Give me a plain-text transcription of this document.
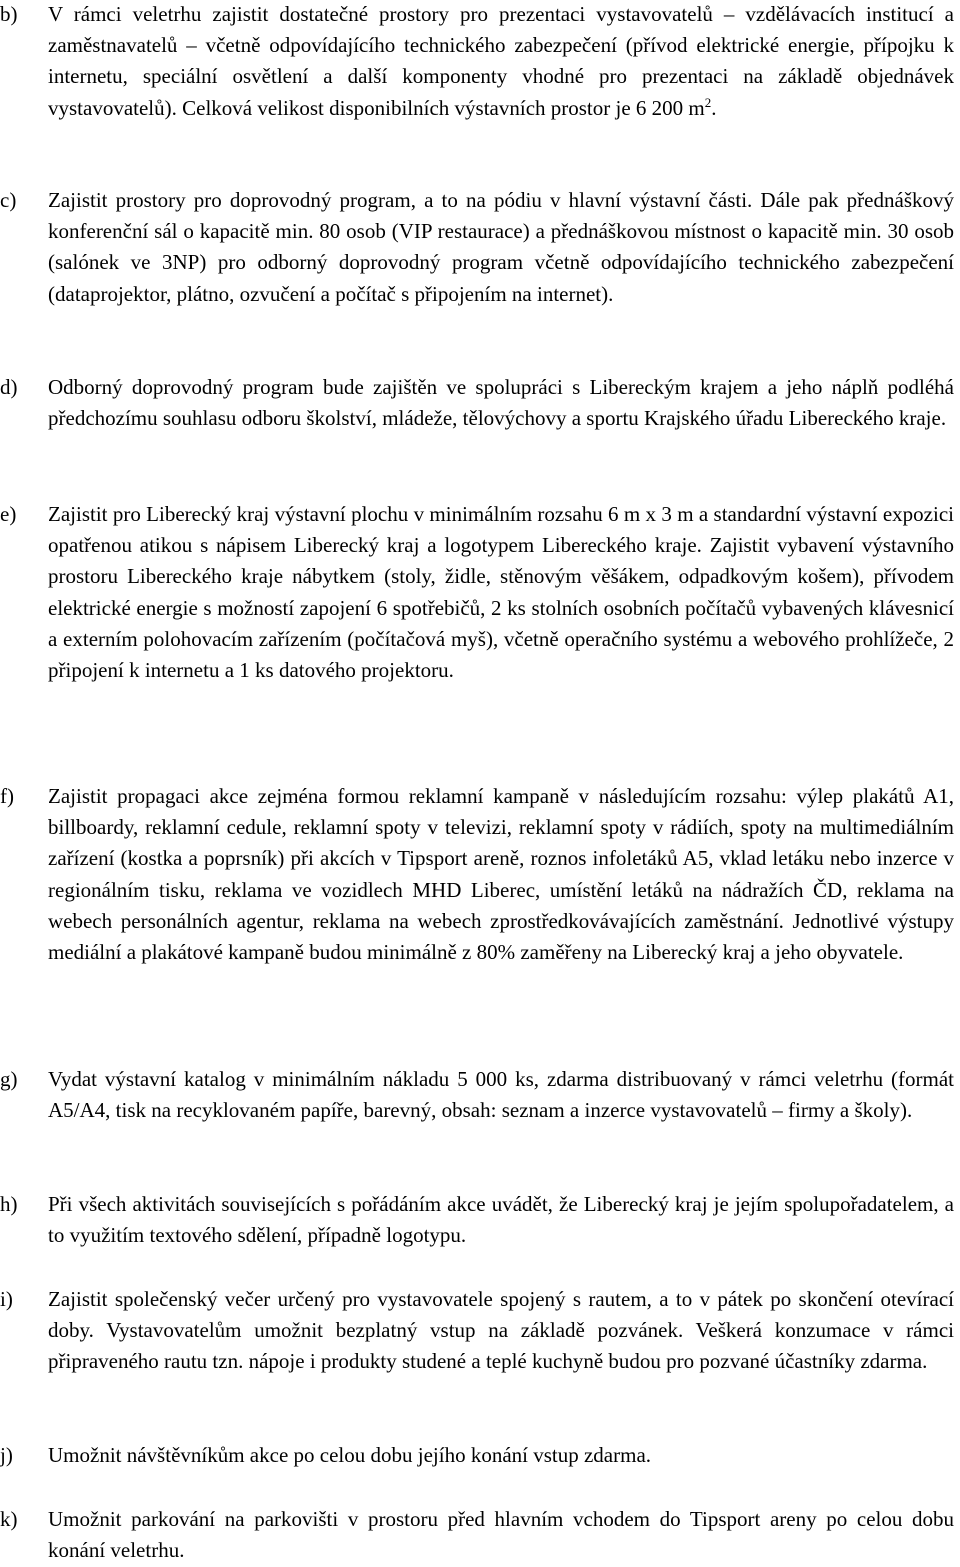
b)	V rámci veletrhu zajistit dostatečné prostory pro prezentaci vystavovatelů – vzdělávacích institucí a zaměstnavatelů – včetně odpovídajícího technického zabezpečení (přívod elektrické energie, přípojku k internetu, speciální osvětlení a další komponenty vhodné pro prezentaci na základě objednávek vystavovatelů). Celková velikost disponibilních výstavních prostor je 6 200 $m^2$.
c)	Zajistit prostory pro doprovodný program, a to na pódiu v hlavní výstavní části. Dále pak přednáškový konferenční sál o kapacitě min. 80 osob (VIP restaurace) a přednáškovou místnost o kapacitě min. 30 osob (salónek ve 3NP) pro odborný doprovodný program včetně odpovídajícího technického zabezpečení (dataprojektor, plátno, ozvučení a počítač s připojením na internet).
d)	Odborný doprovodný program bude zajištěn ve spolupráci s Libereckým krajem a jeho náplň podléhá předchozímu souhlasu odboru školství, mládeže, tělovýchovy a sportu Krajského úřadu Libereckého kraje.
e)	Zajistit pro Liberecký kraj výstavní plochu v minimálním rozsahu 6 m x 3 m a standardní výstavní expozici opatřenou atikou s nápisem Liberecký kraj a logotypem Libereckého kraje. Zajistit vybavení výstavního prostoru Libereckého kraje nábytkem (stoly, židle, stěnovým věšákem, odpadkovým košem), přívodem elektrické energie s možností zapojení 6 spotřebičů, 2 ks stolních osobních počítačů vybavených klávesnicí a externím polohovacím zařízením (počítačová myš), včetně operačního systému a webového prohlížeče, 2 připojení k internetu a 1 ks datového projektoru.
f)	Zajistit propagaci akce zejména formou reklamní kampaně v následujícím rozsahu: výlep plakátů A1, billboardy, reklamní cedule, reklamní spoty v televizi, reklamní spoty v rádiích, spoty na multimediálním zařízení (kostka a poprsník) při akcích v Tipsport areně, roznos infoletáků A5, vklad letáku nebo inzerce v regionálním tisku, reklama ve vozidlech MHD Liberec, umístění letáků na nádražích ČD, reklama na webech personálních agentur, reklama na webech zprostředkovávajících zaměstnání. Jednotlivé výstupy mediální a plakátové kampaně budou minimálně z 80% zaměřeny na Liberecký kraj a jeho obyvatele.
g)	Vydat výstavní katalog v minimálním nákladu 5 000 ks, zdarma distribuovaný v rámci veletrhu (formát A5/A4, tisk na recyklovaném papíře, barevný, obsah: seznam a inzerce vystavovatelů – firmy a školy).
h)	Při všech aktivitách souvisejících s pořádáním akce uvádět, že Liberecký kraj je jejím spolupořadatelem, a to využitím textového sdělení, případně logotypu.
i)	Zajistit společenský večer určený pro vystavovatele spojený s rautem, a to v pátek po skončení otevírací doby. Vystavovatelům umožnit bezplatný vstup na základě pozvánek. Veškerá konzumace v rámci připraveného rautu tzn. nápoje i produkty studené a teplé kuchyně budou pro pozvané účastníky zdarma.
j)	Umožnit návštěvníkům akce po celou dobu jejího konání vstup zdarma.
k)	Umožnit parkování na parkovišti v prostoru před hlavním vchodem do Tipsport areny po celou dobu konání veletrhu.
